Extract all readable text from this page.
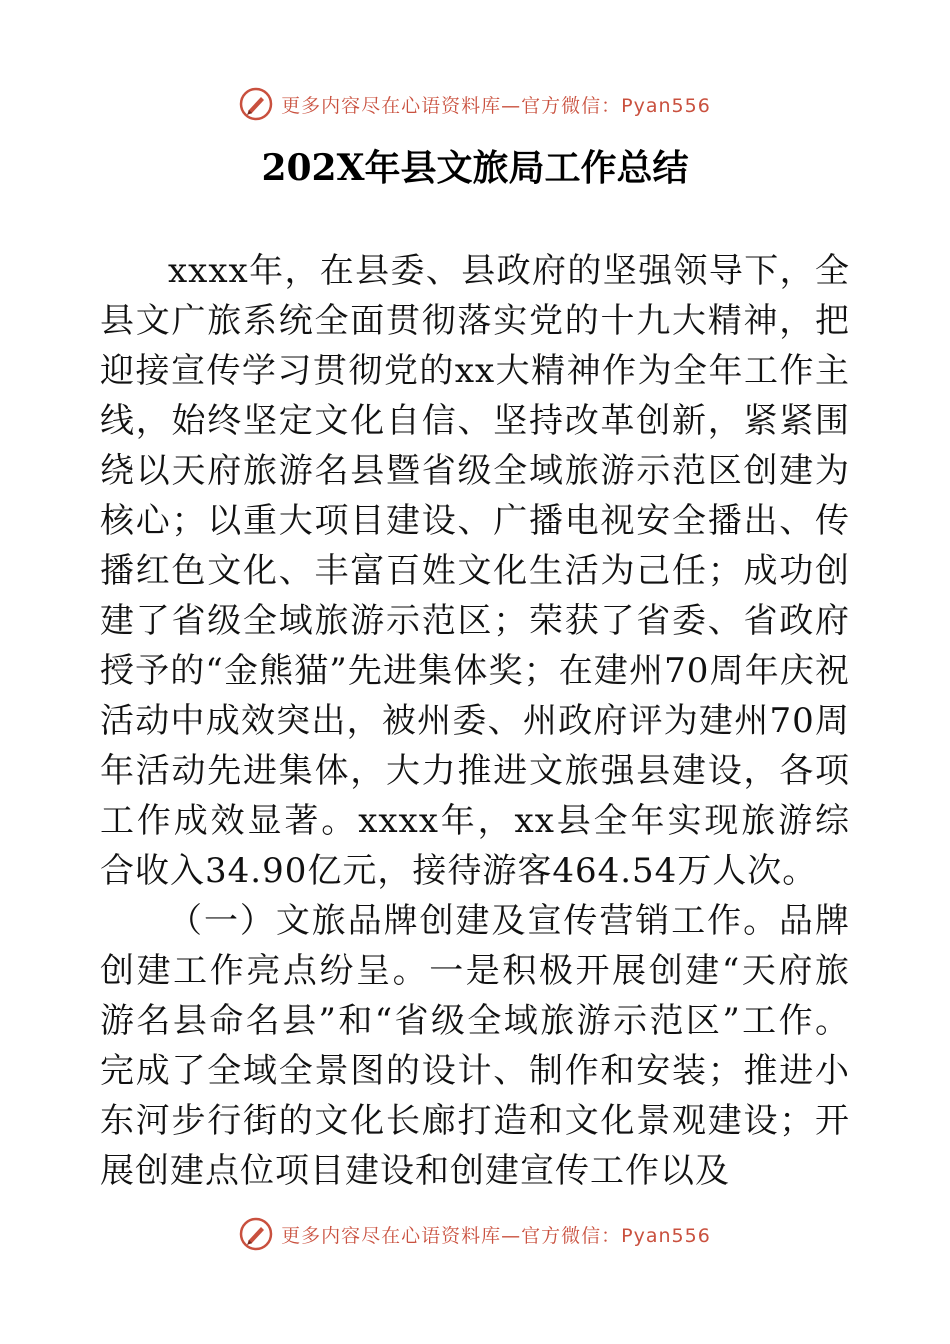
更多内容尽在心语资料库—官方微信：Pyan556
202X年县文旅局工作总结

xxxx年，在县委、县政府的坚强领导下，全县文广旅系统全面贯彻落实党的十九大精神，把迎接宣传学习贯彻党的xx大精神作为全年工作主线，始终坚定文化自信、坚持改革创新，紧紧围绕以天府旅游名县暨省级全域旅游示范区创建为核心；以重大项目建设、广播电视安全播出、传播红色文化、丰富百姓文化生活为己任；成功创建了省级全域旅游示范区；荣获了省委、省政府授予的“金熊猫”先进集体奖；在建州70周年庆祝活动中成效突出，被州委、州政府评为建州70周年活动先进集体，大力推进文旅强县建设，各项工作成效显著。xxxx年，xx县全年实现旅游综合收入34.90亿元，接待游客464.54万人次。

（一）文旅品牌创建及宣传营销工作。品牌创建工作亮点纷呈。一是积极开展创建“天府旅游名县命名县”和“省级全域旅游示范区”工作。完成了全域全景图的设计、制作和安装；推进小东河步行街的文化长廊打造和文化景观建设；开展创建点位项目建设和创建宣传工作以及

更多内容尽在心语资料库—官方微信：Pyan556
